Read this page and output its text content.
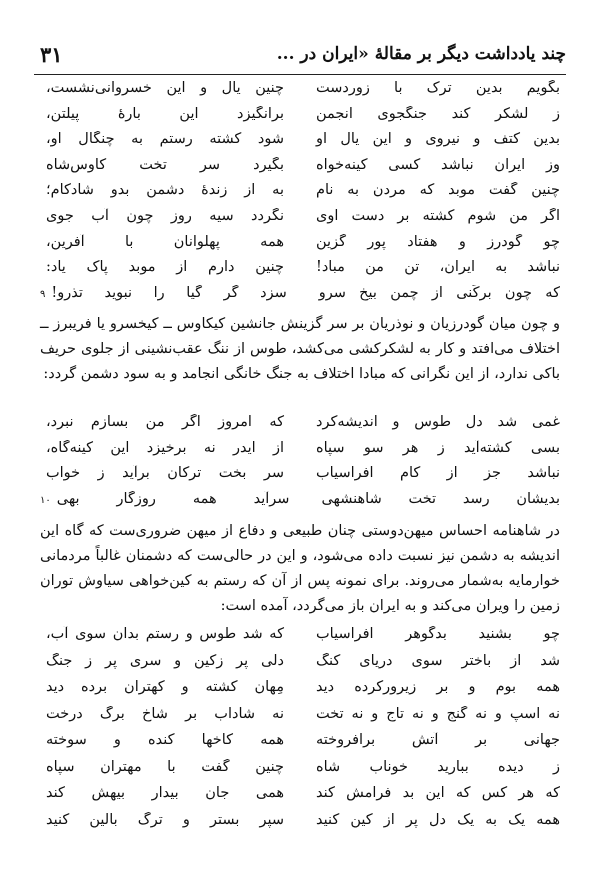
چند یادداشت دیگر بر مقالهٔ «ایران در ...
۳۱
بگویم بدین ترک با زوردست
چنین یال و این خسروانی‌نشست،
ز لشکر کند جنگجوی انجمن
برانگیزد این بارهٔ پیلتن،
بدین کتف و نیروی و این یال او
شود کشته رستم به چنگال او،
وز ایران نباشد کسی کینه‌خواه
بگیرد سر تخت کاوس‌شاه
چنین گفت موبد که مردن به نام
به از زندهٔ دشمن بدو شادکام؛
اگر من شوم کشته بر دست اوی
نگردد سیه روز چون آب جوی
چو گودرز و هفتاد پور گزین
همه پهلوانان با آفرین،
نباشد به ایران، تن من مباد!
چنین دارم از موبد پاک یاد:
که چون برکَنی از چمن بیخ سرو
سزد گر گیا را نبوید تذرو!
۹
و چون میان گودرزیان و نوذریان بر سر گزینش جانشین کیکاوس ــ کیخسرو یا فریبرز ــ اختلاف می‌افتد و کار به لشکرکشی می‌کشد، طوس از ننگ عقب‌نشینی از جلوی حریف باکی ندارد، از این نگرانی که مبادا اختلاف به جنگ خانگی انجامد و به سود دشمن گردد:
غمی شد دل طوس و اندیشه‌کرد
که امروز اگر من بسازم نبرد،
بسی کشته‌آید ز هر سو سپاه
از ایدر نه برخیزد این کینه‌گاه،
نباشد جز از کام افراسیاب
سر بخت ترکان برآید ز خواب
بدیشان رسد تخت شاهنشهی
سرآید همه روزگار بهی
۱۰
در شاهنامه احساس میهن‌دوستی چنان طبیعی و دفاع از میهن ضروری‌ست که گاه این اندیشه به دشمن نیز نسبت داده می‌شود، و این در حالی‌ست که دشمنان غالباً مردمانی خوارمایه به‌شمار می‌روند. برای نمونه پس از آن که رستم به کین‌خواهی سیاوش توران زمین را ویران می‌کند و به ایران باز می‌گردد، آمده است:
چو بشنید بدگوهر افراسیاب
که شد طوس و رستم بدان سوی آب،
شد از باختر سوی دریای کنگ
دلی پر زکین و سری پر ز جنگ
همه بوم و بر زیرورکرده دید
مِهان کشته و کهتران برده دید
نه اسپ و نه گنج و نه تاج و نه تخت
نه شاداب بر شاخ برگ درخت
جهانی بر آتش برافروخته
همه کاخها کنده و سوخته
ز دیده ببارید خوناب شاه
چنین گفت با مهتران سپاه
که هر کس که این بد فرامش کند
همی جان بیدار بیهش کند
همه یک به یک دل پر از کین کنید
سپر بستر و ترگ بالین کنید
